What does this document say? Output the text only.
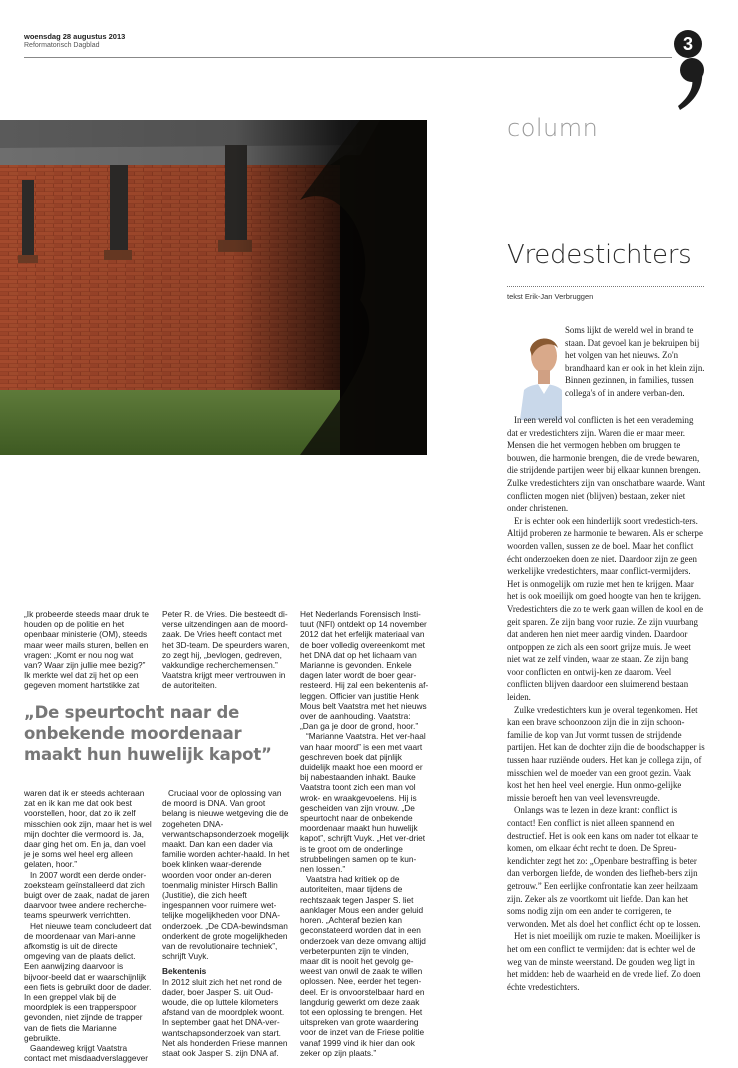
woensdag 28 augustus 2013
Reformatorisch Dagblad	3
column
Vredestichters
tekst Erik-Jan Verbruggen
Soms lijkt de wereld wel in brand te staan. Dat gevoel kan je bekruipen bij het volgen van het nieuws. Zo'n brandhaard kan er ook in het klein zijn. Binnen gezinnen, in families, tussen collega's of in andere verban-den.

In een wereld vol conflicten is het een verademing dat er vredestichters zijn. Waren die er maar meer. Mensen die het vermogen hebben om bruggen te bouwen, die harmonie brengen, die de vrede bewaren, die strijdende partijen weer bij elkaar kunnen brengen. Zulke vredestichters zijn van onschatbare waarde. Want conflicten mogen niet (blijven) bestaan, zeker niet onder christenen.

Er is echter ook een hinderlijk soort vredestich-ters. Altijd proberen ze harmonie te bewaren. Als er scherpe woorden vallen, sussen ze de boel. Maar het conflict écht onderzoeken doen ze niet. Daardoor zijn ze geen werkelijke vredestichters, maar conflict-vermijders. Het is onmogelijk om ruzie met hen te krijgen. Maar het is ook moeilijk om goed hoogte van hen te krijgen. Vredestichters die zo te werk gaan willen de kool en de geit sparen. Ze zijn bang voor ruzie. Ze zijn vuurbang dat anderen hen niet meer aardig vinden. Daardoor ontpoppen ze zich als een soort grijze muis. Je weet niet wat ze zelf vinden, waar ze staan. Ze zijn bang voor conflicten en ontwij-ken ze daarom. Veel conflicten blijven daardoor een sluimerend bestaan leiden.

Zulke vredestichters kun je overal tegenkomen. Het kan een brave schoonzoon zijn die in zijn schoon-familie de kop van Jut vormt tussen de strijdende partijen. Het kan de dochter zijn die de boodschapper is tussen haar ruziënde ouders. Het kan je collega zijn, of misschien wel de moeder van een groot gezin. Vaak kost het hen heel veel energie. Hun onmo-gelijke missie beroeft hen van veel levensvreugde.

Onlangs was te lezen in deze krant: conflict is contact! Een conflict is niet alleen spannend en destructief. Het is ook een kans om nader tot elkaar te komen, om elkaar écht recht te doen. De Spreu-kendichter zegt het zo: „Openbare bestraffing is beter dan verborgen liefde, de wonden des liefheb-bers zijn getrouw.” Een eerlijke confrontatie kan zeer heilzaam zijn. Zeker als ze voortkomt uit liefde. Dan kan het soms nodig zijn om een ander te corrigeren, te verwonden. Met als doel het conflict écht op te lossen.

Het is niet moeilijk om ruzie te maken. Moeilijker is het om een conflict te vermijden: dat is echter wel de weg van de minste weerstand. De gouden weg ligt in het midden: heb de waarheid en de vrede lief. Zo doen échte vredestichters.

„Ik probeerde steeds maar druk te houden op de politie en het openbaar ministerie (OM), steeds maar weer mails sturen, bellen en vragen: „Komt er nou nog wat van? Waar zijn jullie mee bezig?” Ik merkte wel dat zij het op een gegeven moment hartstikke zat

„De speurtocht naar de onbekende moordenaar maakt hun huwelijk kapot”

waren dat ik er steeds achteraan zat en ik kan me dat ook best voorstellen, hoor, dat zo ik zelf misschien ook zijn, maar het is wel mijn dochter die vermoord is. Ja, daar ging het om. En ja, dan voel je je soms wel heel erg alleen gelaten, hoor.”

In 2007 wordt een derde onder-zoeksteam geïnstalleerd dat zich buigt over de zaak, nadat de jaren daarvoor twee andere recherche-teams speurwerk verrichtten.

Het nieuwe team concludeert dat de moordenaar van Mari-anne afkomstig is uit de directe omgeving van de plaats delict. Een aanwijzing daarvoor is bijvoor-beeld dat er waarschijnlijk een fiets is gebruikt door de dader. In een greppel vlak bij de moordplek is een trapperspoor gevonden, niet zijnde de trapper van de fiets die Marianne gebruikte.

Gaandeweg krijgt Vaatstra contact met misdaadverslaggever

Peter R. de Vries. Die besteedt di-verse uitzendingen aan de moord-zaak. De Vries heeft contact met het 3D-team. De speurders waren, zo zegt hij, „bevlogen, gedreven, vakkundige recherchemensen.” Vaatstra krijgt meer vertrouwen in de autoriteiten.

Cruciaal voor de oplossing van de moord is DNA. Van groot belang is nieuwe wetgeving die de zogeheten DNA-verwantschapsonderzoek mogelijk maakt. Dan kan een dader via familie worden achter-haald. In het boek klinken waar-derende woorden voor onder an-deren toenmalig minister Hirsch Ballin (Justitie), die zich heeft ingespannen voor ruimere wet-telijke mogelijkheden voor DNA-onderzoek. „De CDA-bewindsman onderkent de grote mogelijkheden van de revolutionaire techniek”, schrijft Vuyk.

Bekentenis

In 2012 sluit zich het net rond de dader, boer Jasper S. uit Oud-woude, die op luttele kilometers afstand van de moordplek woont. In september gaat het DNA-ver-wantschapsonderzoek van start. Net als honderden Friese mannen staat ook Jasper S. zijn DNA af.

Het Nederlands Forensisch Insti-tuut (NFI) ontdekt op 14 november 2012 dat het erfelijk materiaal van de boer volledig overeenkomt met het DNA dat op het lichaam van Marianne is gevonden. Enkele dagen later wordt de boer gear-resteerd. Hij zal een bekentenis af-leggen. Officier van justitie Henk Mous belt Vaatstra met het nieuws over de aanhouding. Vaatstra: „Dan ga je door de grond, hoor.”

“Marianne Vaatstra. Het ver-haal van haar moord” is een met vaart geschreven boek dat pijnlijk duidelijk maakt hoe een moord er bij nabestaanden inhakt. Bauke Vaatstra toont zich een man vol wrok- en wraakgevoelens. Hij is gescheiden van zijn vrouw. „De speurtocht naar de onbekende moordenaar maakt hun huwelijk kapot”, schrijft Vuyk. „Het ver-driet is te groot om de onderlinge strubbelingen samen op te kun-nen lossen.”

Vaatstra had kritiek op de autoriteiten, maar tijdens de rechtszaak tegen Jasper S. liet aanklager Mous een ander geluid horen. „Achteraf bezien kan geconstateerd worden dat in een onderzoek van deze omvang altijd verbeterpunten zijn te vinden, maar dit is nooit het gevolg ge-weest van onwil de zaak te willen oplossen. Nee, eerder het tegen-deel. Er is onvoorstelbaar hard en langdurig gewerkt om deze zaak tot een oplossing te brengen. Het uitspreken van grote waardering voor de inzet van de Friese politie vanaf 1999 vind ik hier dan ook zeker op zijn plaats.”
